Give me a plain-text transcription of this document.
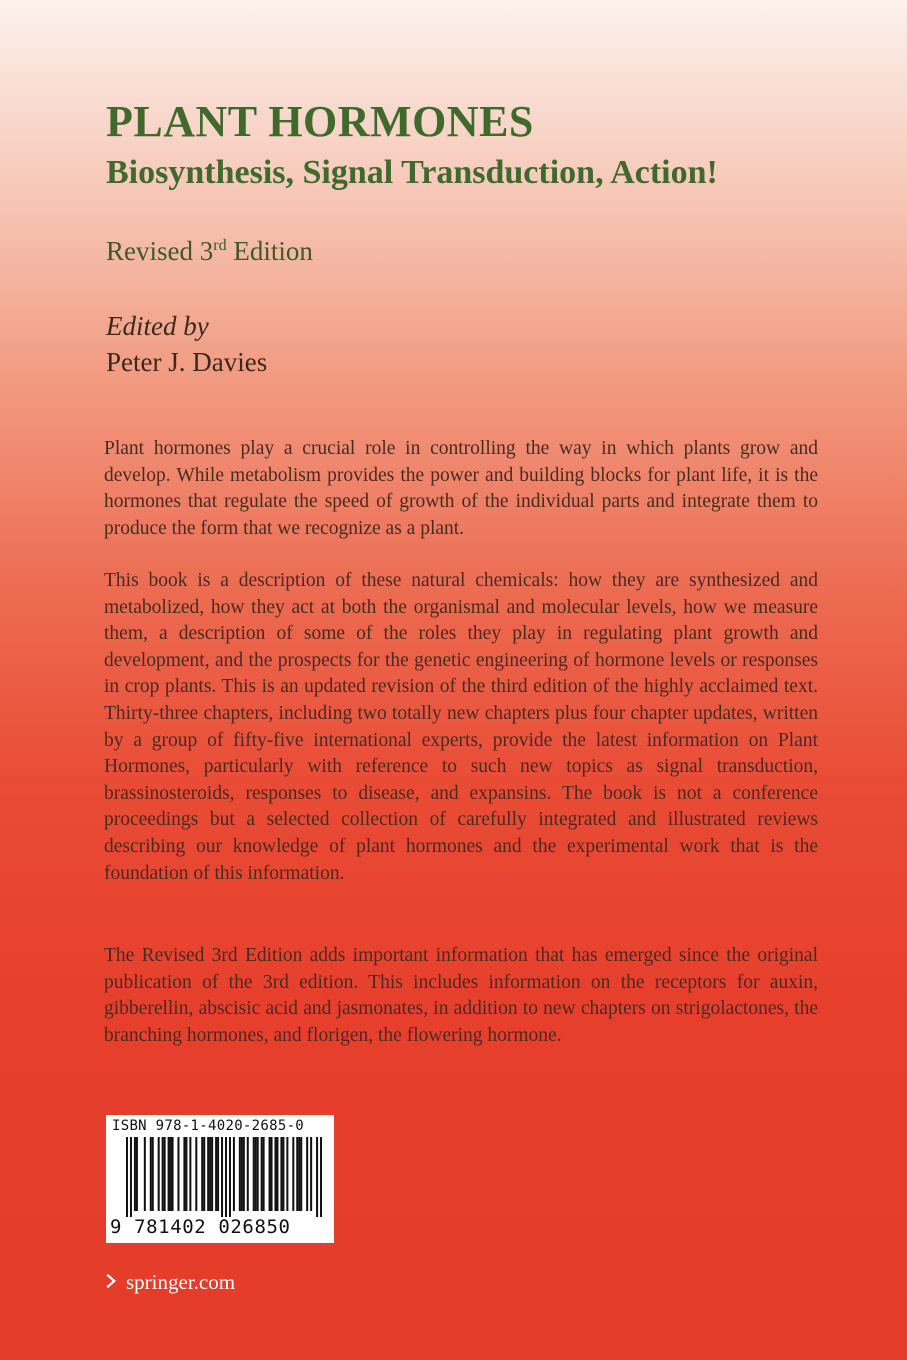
PLANT HORMONES
Biosynthesis, Signal Transduction, Action!

Revised 3rd Edition

Edited by

Peter J. Davies

Plant hormones play a crucial role in controlling the way in which plants grow and develop. While metabolism provides the power and building blocks for plant life, it is the hormones that regulate the speed of growth of the individual parts and integrate them to produce the form that we recognize as a plant.

This book is a description of these natural chemicals: how they are synthesized and metabolized, how they act at both the organismal and molecular levels, how we measure them, a description of some of the roles they play in regulating plant growth and development, and the prospects for the genetic engineering of hormone levels or responses in crop plants. This is an updated revision of the third edition of the highly acclaimed text. Thirty-three chapters, including two totally new chapters plus four chapter updates, written by a group of fifty-five international experts, provide the latest information on Plant Hormones, particularly with reference to such new topics as signal transduction, brassinosteroids, responses to disease, and expansins. The book is not a conference proceedings but a selected collection of carefully integrated and illustrated reviews describing our knowledge of plant hormones and the experimental work that is the foundation of this information.

The Revised 3rd Edition adds important information that has emerged since the original publication of the 3rd edition. This includes information on the receptors for auxin, gibberellin, abscisic acid and jasmonates, in addition to new chapters on strigolactones, the branching hormones, and florigen, the flowering hormone.

ISBN 978-1-4020-2685-0
9 781402 026850
springer.com
